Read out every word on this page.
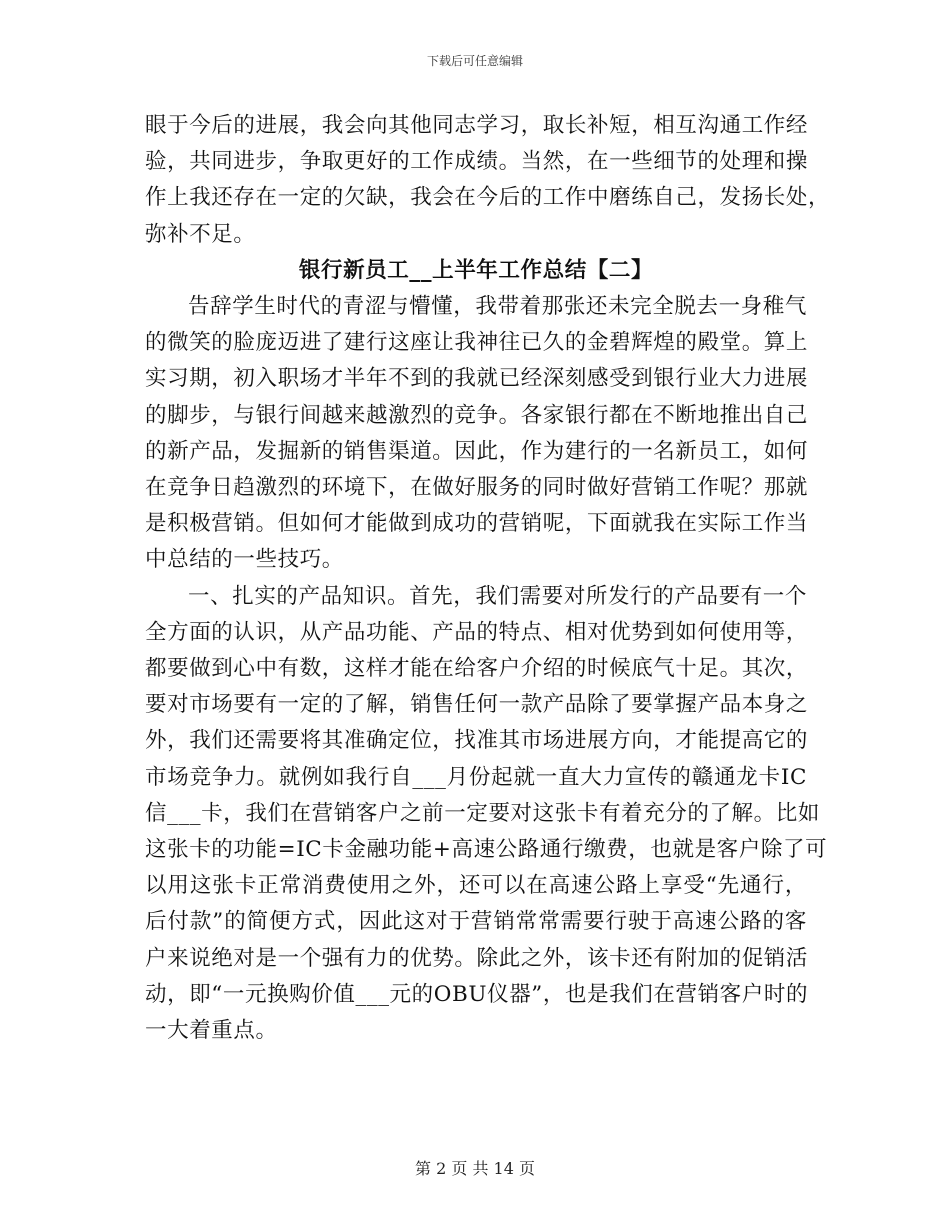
下载后可任意编辑
眼于今后的进展，我会向其他同志学习，取长补短，相互沟通工作经
验，共同进步，争取更好的工作成绩。当然，在一些细节的处理和操
作上我还存在一定的欠缺，我会在今后的工作中磨练自己，发扬长处，
弥补不足。
银行新员工__上半年工作总结【二】
告辞学生时代的青涩与懵懂，我带着那张还未完全脱去一身稚气
的微笑的脸庞迈进了建行这座让我神往已久的金碧辉煌的殿堂。算上
实习期，初入职场才半年不到的我就已经深刻感受到银行业大力进展
的脚步，与银行间越来越激烈的竞争。各家银行都在不断地推出自己
的新产品，发掘新的销售渠道。因此，作为建行的一名新员工，如何
在竞争日趋激烈的环境下，在做好服务的同时做好营销工作呢？那就
是积极营销。但如何才能做到成功的营销呢，下面就我在实际工作当
中总结的一些技巧。
一、扎实的产品知识。首先，我们需要对所发行的产品要有一个
全方面的认识，从产品功能、产品的特点、相对优势到如何使用等，
都要做到心中有数，这样才能在给客户介绍的时候底气十足。其次，
要对市场要有一定的了解，销售任何一款产品除了要掌握产品本身之
外，我们还需要将其准确定位，找准其市场进展方向，才能提高它的
市场竞争力。就例如我行自___月份起就一直大力宣传的赣通龙卡IC
信___卡，我们在营销客户之前一定要对这张卡有着充分的了解。比如
这张卡的功能=IC卡金融功能+高速公路通行缴费，也就是客户除了可
以用这张卡正常消费使用之外，还可以在高速公路上享受“先通行，
后付款”的简便方式，因此这对于营销常常需要行驶于高速公路的客
户来说绝对是一个强有力的优势。除此之外，该卡还有附加的促销活
动，即“一元换购价值___元的OBU仪器”，也是我们在营销客户时的
一大着重点。
第 2 页 共 14 页
